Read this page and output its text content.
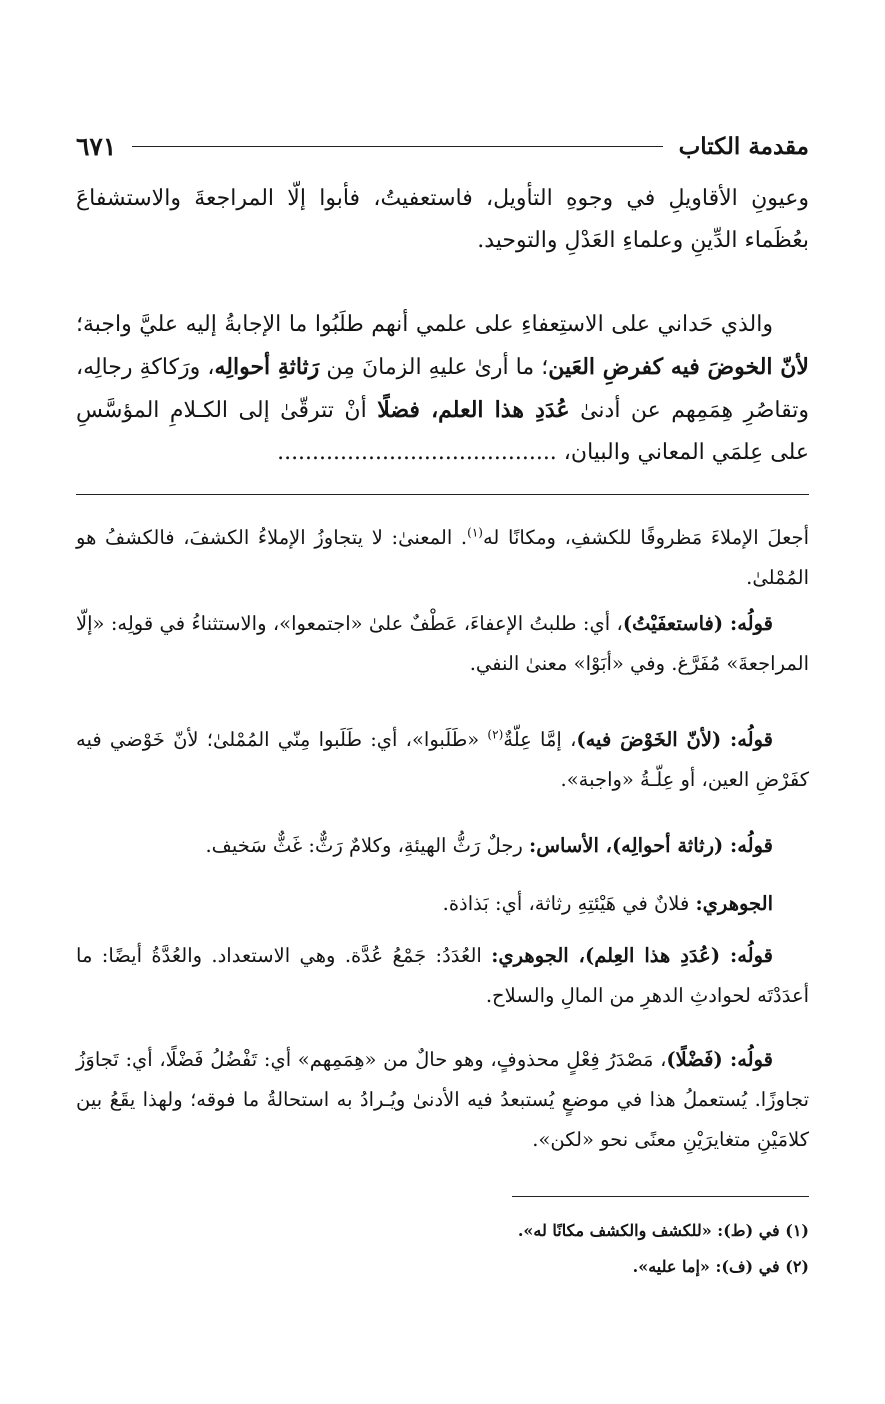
مقدمة الكتاب
٦٧١

وعيونِ الأقاويلِ في وجوهِ التأويل، فاستعفيتُ، فأبوا إلّا المراجعةَ والاستشفاعَ بعُظَماء الدِّينِ وعلماءِ العَدْلِ والتوحيد.

والذي حَداني على الاستِعفاءِ على علمي أنهم طلَبُوا ما الإجابةُ إليه عليَّ واجبة؛ لأنّ الخوضَ فيه كفرضِ العَين؛ ما أرىٰ عليهِ الزمانَ مِن رَثاثةِ أحوالِه، ورَكاكةِ رجالِه، وتقاصُرِ هِمَمِهم عن أدنىٰ عُدَدِ هذا العلم، فضلًا أنْ تترقّىٰ إلى الكـلامِ المؤسَّسِ على عِلمَي المعاني والبيان، ........................................

أجعلَ الإملاءَ مَظروفًا للكشفِ، ومكانًا له$^{(١)}$. المعنىٰ: لا يتجاوزُ الإملاءُ الكشفَ، فالكشفُ هو المُمْلىٰ.

قولُه: (فاستعفَيْتُ)، أي: طلبتُ الإعفاءَ، عَطْفٌ علىٰ «اجتمعوا»، والاستثناءُ في قولِه: «إلّا المراجعةَ» مُفَرَّغ. وفي «أبَوْا» معنىٰ النفي.

قولُه: (لأنّ الخَوْضَ فيه)، إمَّا عِلّةٌ$^{(٢)}$ «طَلَبوا»، أي: طَلَبوا مِنّي المُمْلىٰ؛ لأنّ خَوْضي فيه كفَرْضِ العين، أو عِلّـةُ «واجبة».

قولُه: (رثاثة أحوالِه)، الأساس: رجلٌ رَثُّ الهيئةِ، وكلامٌ رَثٌّ: غَثٌّ سَخيف.

الجوهري: فلانٌ في هَيْئتِهِ رثاثة، أي: بَذاذة.

قولُه: (عُدَدِ هذا العِلم)، الجوهري: العُدَدُ: جَمْعُ عُدَّة. وهي الاستعداد. والعُدَّةُ أيضًا: ما أعدَدْتَه لحوادثِ الدهرِ من المالِ والسلاح.

قولُه: (فَضْلًا)، مَصْدَرُ فِعْلٍ محذوفٍ، وهو حالٌ من «هِمَمِهم» أي: تَفْضُلُ فَضْلًا، أي: تَجاوَزُ تجاوزًا. يُستعملُ هذا في موضعٍ يُستبعدُ فيه الأدنىٰ ويُـرادُ به استحالةُ ما فوقه؛ ولهذا يقَعُ بين كلامَيْنِ متغايرَيْنِ معنًى نحو «لكن».

(١) في (ط): «للكشف والكشف مكانًا له».

(٢) في (ف): «إما عليه».
